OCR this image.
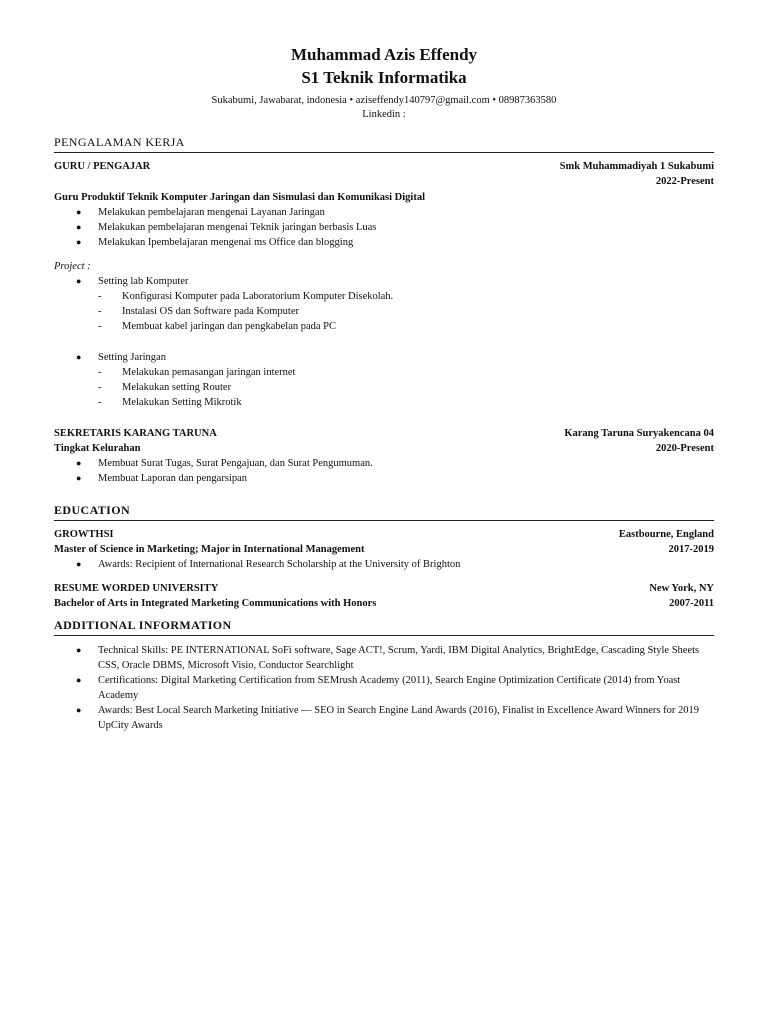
Muhammad Azis Effendy
S1 Teknik Informatika
Sukabumi, Jawabarat, indonesia • aziseffendy140797@gmail.com • 08987363580
Linkedin :
PENGALAMAN KERJA
GURU / PENGAJAR	Smk Muhammadiyah 1 Sukabumi
2022-Present
Guru Produktif Teknik Komputer Jaringan dan Sismulasi dan Komunikasi Digital
● Melakukan pembelajaran mengenai Layanan Jaringan
● Melakukan pembelajaran mengenai Teknik jaringan berbasis Luas
● Melakukan Ipembelajaran mengenai ms Office dan blogging
Project :
● Setting lab Komputer
- Konfigurasi Komputer pada Laboratorium Komputer Disekolah.
- Instalasi OS dan Software pada Komputer
- Membuat kabel jaringan dan pengkabelan pada PC
● Setting Jaringan
- Melakukan pemasangan jaringan internet
- Melakukan setting Router
- Melakukan Setting Mikrotik
SEKRETARIS KARANG TARUNA	Karang Taruna Suryakencana 04
Tingkat Kelurahan	2020-Present
● Membuat Surat Tugas, Surat Pengajuan, dan Surat Pengumuman.
● Membuat Laporan dan pengarsipan
EDUCATION
GROWTHSI	Eastbourne, England
Master of Science in Marketing; Major in International Management	2017-2019
● Awards: Recipient of International Research Scholarship at the University of Brighton
RESUME WORDED UNIVERSITY	New York, NY
Bachelor of Arts in Integrated Marketing Communications with Honors	2007-2011
ADDITIONAL INFORMATION
● Technical Skills: PE INTERNATIONAL SoFi software, Sage ACT!, Scrum, Yardi, IBM Digital Analytics, BrightEdge, Cascading Style Sheets CSS, Oracle DBMS, Microsoft Visio, Conductor Searchlight
● Certifications: Digital Marketing Certification from SEMrush Academy (2011), Search Engine Optimization Certificate (2014) from Yoast Academy
● Awards: Best Local Search Marketing Initiative — SEO in Search Engine Land Awards (2016), Finalist in Excellence Award Winners for 2019 UpCity Awards
